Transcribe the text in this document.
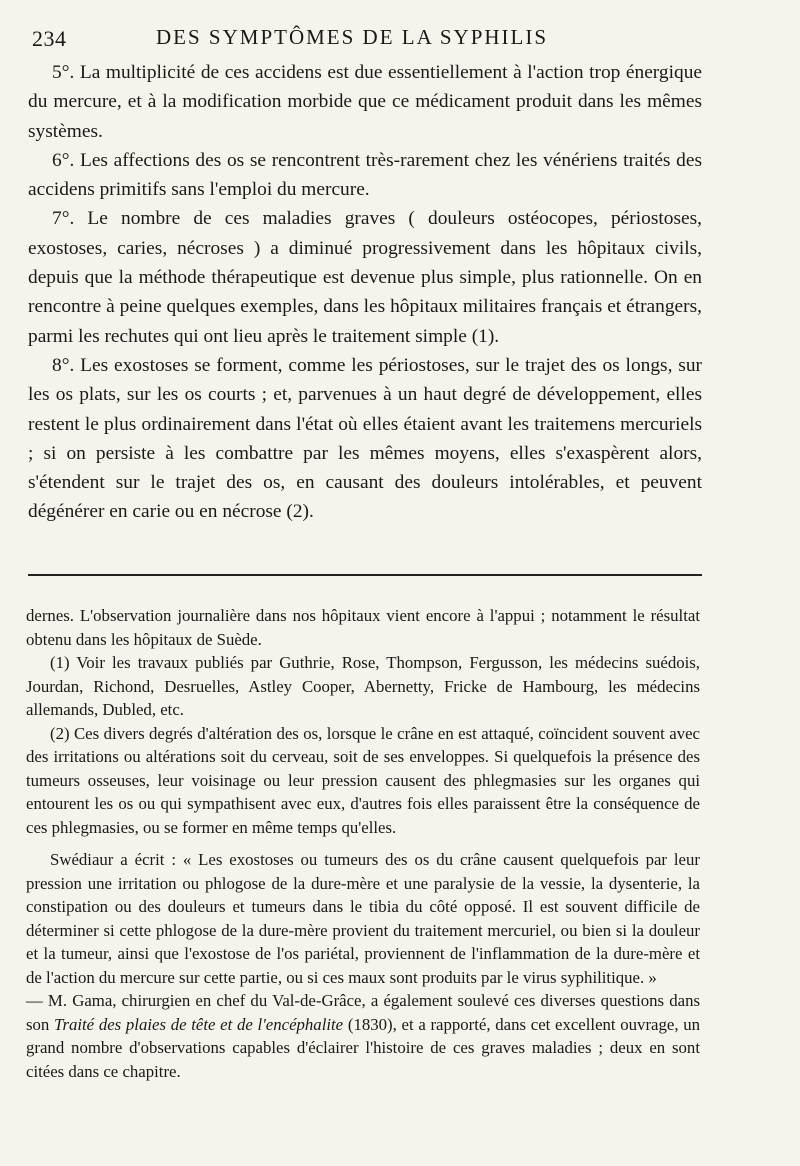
234	DES SYMPTÔMES DE LA SYPHILIS

5°. La multiplicité de ces accidens est due essentiellement à l'action trop énergique du mercure, et à la modification morbide que ce médicament produit dans les mêmes systèmes.

6°. Les affections des os se rencontrent très-rarement chez les vénériens traités des accidens primitifs sans l'emploi du mercure.

7°. Le nombre de ces maladies graves ( douleurs ostéocopes, périostoses, exostoses, caries, nécroses ) a diminué progressivement dans les hôpitaux civils, depuis que la méthode thérapeutique est devenue plus simple, plus rationnelle. On en rencontre à peine quelques exemples, dans les hôpitaux militaires français et étrangers, parmi les rechutes qui ont lieu après le traitement simple (1).

8°. Les exostoses se forment, comme les périostoses, sur le trajet des os longs, sur les os plats, sur les os courts ; et, parvenues à un haut degré de développement, elles restent le plus ordinairement dans l'état où elles étaient avant les traitemens mercuriels ; si on persiste à les combattre par les mêmes moyens, elles s'exaspèrent alors, s'étendent sur le trajet des os, en causant des douleurs intolérables, et peuvent dégénérer en carie ou en nécrose (2).

dernes. L'observation journalière dans nos hôpitaux vient encore à l'appui ; notamment le résultat obtenu dans les hôpitaux de Suède.

(1) Voir les travaux publiés par Guthrie, Rose, Thompson, Fergusson, les médecins suédois, Jourdan, Richond, Desruelles, Astley Cooper, Abernetty, Fricke de Hambourg, les médecins allemands, Dubled, etc.

(2) Ces divers degrés d'altération des os, lorsque le crâne en est attaqué, coïncident souvent avec des irritations ou altérations soit du cerveau, soit de ses enveloppes. Si quelquefois la présence des tumeurs osseuses, leur voisinage ou leur pression causent des phlegmasies sur les organes qui entourent les os ou qui sympathisent avec eux, d'autres fois elles paraissent être la conséquence de ces phlegmasies, ou se former en même temps qu'elles.

Swédiaur a écrit : « Les exostoses ou tumeurs des os du crâne causent quelquefois par leur pression une irritation ou phlogose de la dure-mère et une paralysie de la vessie, la dysenterie, la constipation ou des douleurs et tumeurs dans le tibia du côté opposé. Il est souvent difficile de déterminer si cette phlogose de la dure-mère provient du traitement mercuriel, ou bien si la douleur et la tumeur, ainsi que l'exostose de l'os pariétal, proviennent de l'inflammation de la dure-mère et de l'action du mercure sur cette partie, ou si ces maux sont produits par le virus syphilitique. »

— M. Gama, chirurgien en chef du Val-de-Grâce, a également soulevé ces diverses questions dans son Traité des plaies de tête et de l'encéphalite (1830), et a rapporté, dans cet excellent ouvrage, un grand nombre d'observations capables d'éclairer l'histoire de ces graves maladies ; deux en sont citées dans ce chapitre.
